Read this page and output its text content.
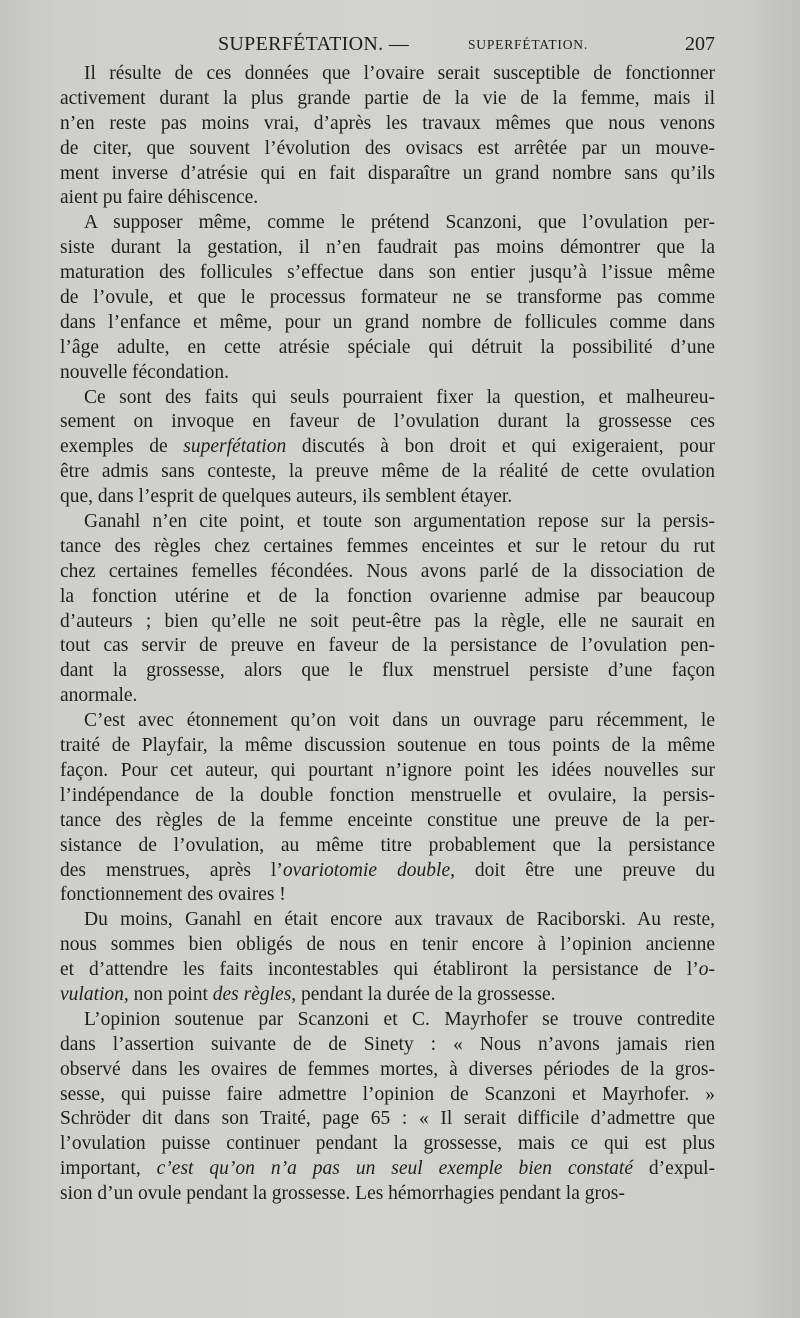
SUPERFÉTATION. —	SUPERFÉTATION.	207
Il résulte de ces données que l’ovaire serait susceptible de fonctionner
activement durant la plus grande partie de la vie de la femme, mais il
n’en reste pas moins vrai, d’après les travaux mêmes que nous venons
de citer, que souvent l’évolution des ovisacs est arrêtée par un mouve-
ment inverse d’atrésie qui en fait disparaître un grand nombre sans qu’ils
aient pu faire déhiscence.
A supposer même, comme le prétend Scanzoni, que l’ovulation per-
siste durant la gestation, il n’en faudrait pas moins démontrer que la
maturation des follicules s’effectue dans son entier jusqu’à l’issue même
de l’ovule, et que le processus formateur ne se transforme pas comme
dans l’enfance et même, pour un grand nombre de follicules comme dans
l’âge adulte, en cette atrésie spéciale qui détruit la possibilité d’une
nouvelle fécondation.
Ce sont des faits qui seuls pourraient fixer la question, et malheureu-
sement on invoque en faveur de l’ovulation durant la grossesse ces
exemples de superfétation discutés à bon droit et qui exigeraient, pour
être admis sans conteste, la preuve même de la réalité de cette ovulation
que, dans l’esprit de quelques auteurs, ils semblent étayer.
Ganahl n’en cite point, et toute son argumentation repose sur la persis-
tance des règles chez certaines femmes enceintes et sur le retour du rut
chez certaines femelles fécondées. Nous avons parlé de la dissociation de
la fonction utérine et de la fonction ovarienne admise par beaucoup
d’auteurs ; bien qu’elle ne soit peut-être pas la règle, elle ne saurait en
tout cas servir de preuve en faveur de la persistance de l’ovulation pen-
dant la grossesse, alors que le flux menstruel persiste d’une façon
anormale.
C’est avec étonnement qu’on voit dans un ouvrage paru récemment, le
traité de Playfair, la même discussion soutenue en tous points de la même
façon. Pour cet auteur, qui pourtant n’ignore point les idées nouvelles sur
l’indépendance de la double fonction menstruelle et ovulaire, la persis-
tance des règles de la femme enceinte constitue une preuve de la per-
sistance de l’ovulation, au même titre probablement que la persistance
des menstrues, après l’ovariotomie double, doit être une preuve du
fonctionnement des ovaires !
Du moins, Ganahl en était encore aux travaux de Raciborski. Au reste,
nous sommes bien obligés de nous en tenir encore à l’opinion ancienne
et d’attendre les faits incontestables qui établiront la persistance de l’o-
vulation, non point des règles, pendant la durée de la grossesse.
L’opinion soutenue par Scanzoni et C. Mayrhofer se trouve contredite
dans l’assertion suivante de de Sinety : « Nous n’avons jamais rien
observé dans les ovaires de femmes mortes, à diverses périodes de la gros-
sesse, qui puisse faire admettre l’opinion de Scanzoni et Mayrhofer. »
Schröder dit dans son Traité, page 65 : « Il serait difficile d’admettre que
l’ovulation puisse continuer pendant la grossesse, mais ce qui est plus
important, c’est qu’on n’a pas un seul exemple bien constaté d’expul-
sion d’un ovule pendant la grossesse. Les hémorrhagies pendant la gros-
